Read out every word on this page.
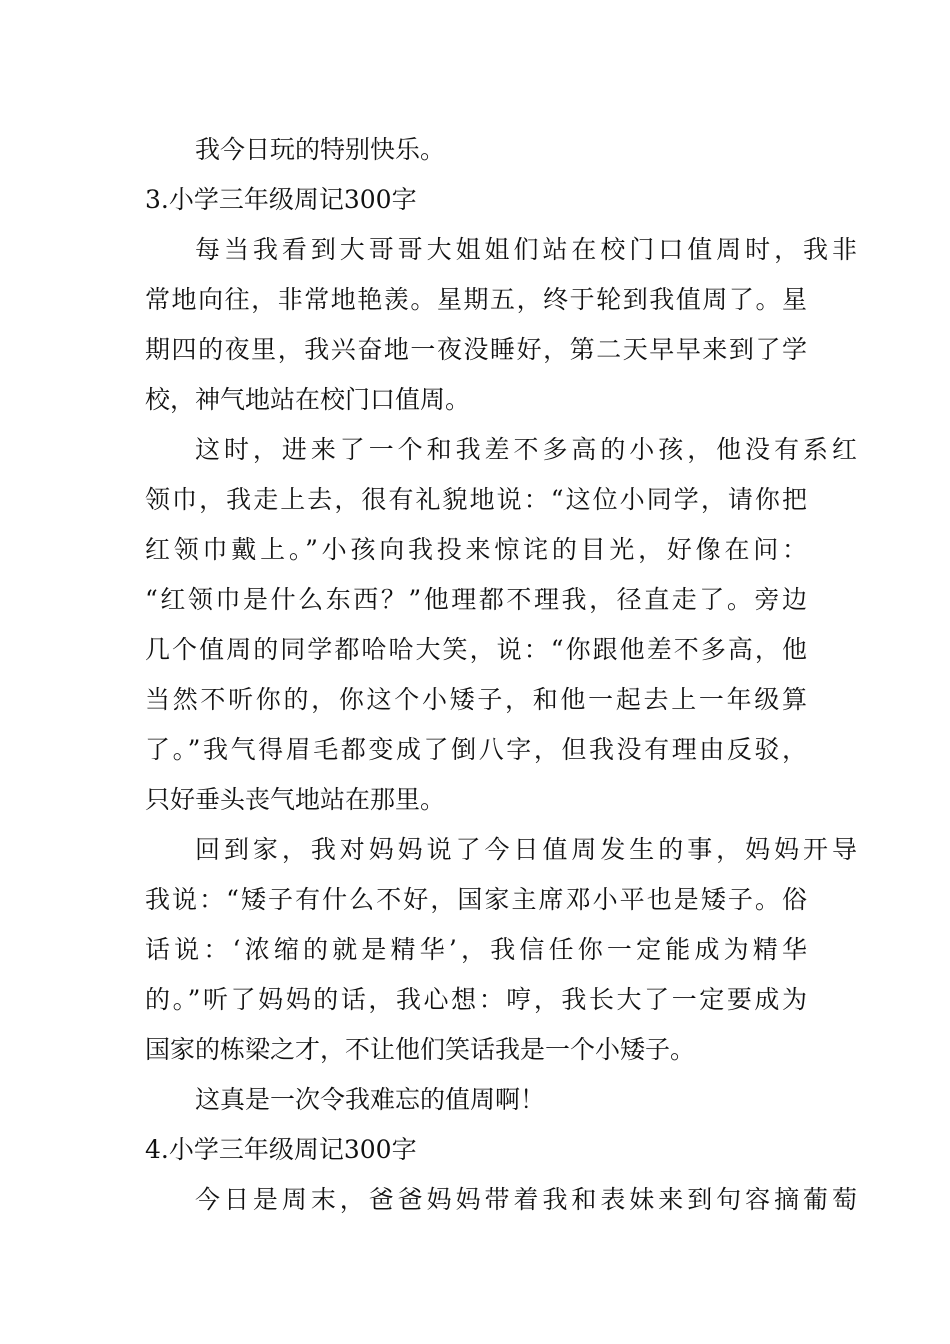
我今日玩的特别快乐。
3.小学三年级周记300字
每当我看到大哥哥大姐姐们站在校门口值周时，我非
常地向往，非常地艳羡。星期五，终于轮到我值周了。星
期四的夜里，我兴奋地一夜没睡好，第二天早早来到了学
校，神气地站在校门口值周。
这时，进来了一个和我差不多高的小孩，他没有系红
领巾，我走上去，很有礼貌地说：“这位小同学，请你把
红领巾戴上。”小孩向我投来惊诧的目光，好像在问：
“红领巾是什么东西？”他理都不理我，径直走了。旁边
几个值周的同学都哈哈大笑，说：“你跟他差不多高，他
当然不听你的，你这个小矮子，和他一起去上一年级算
了。”我气得眉毛都变成了倒八字，但我没有理由反驳，
只好垂头丧气地站在那里。
回到家，我对妈妈说了今日值周发生的事，妈妈开导
我说：“矮子有什么不好，国家主席邓小平也是矮子。俗
话说：‘浓缩的就是精华’，我信任你一定能成为精华
的。”听了妈妈的话，我心想：哼，我长大了一定要成为
国家的栋梁之才，不让他们笑话我是一个小矮子。
这真是一次令我难忘的值周啊！
4.小学三年级周记300字
今日是周末，爸爸妈妈带着我和表妹来到句容摘葡萄
